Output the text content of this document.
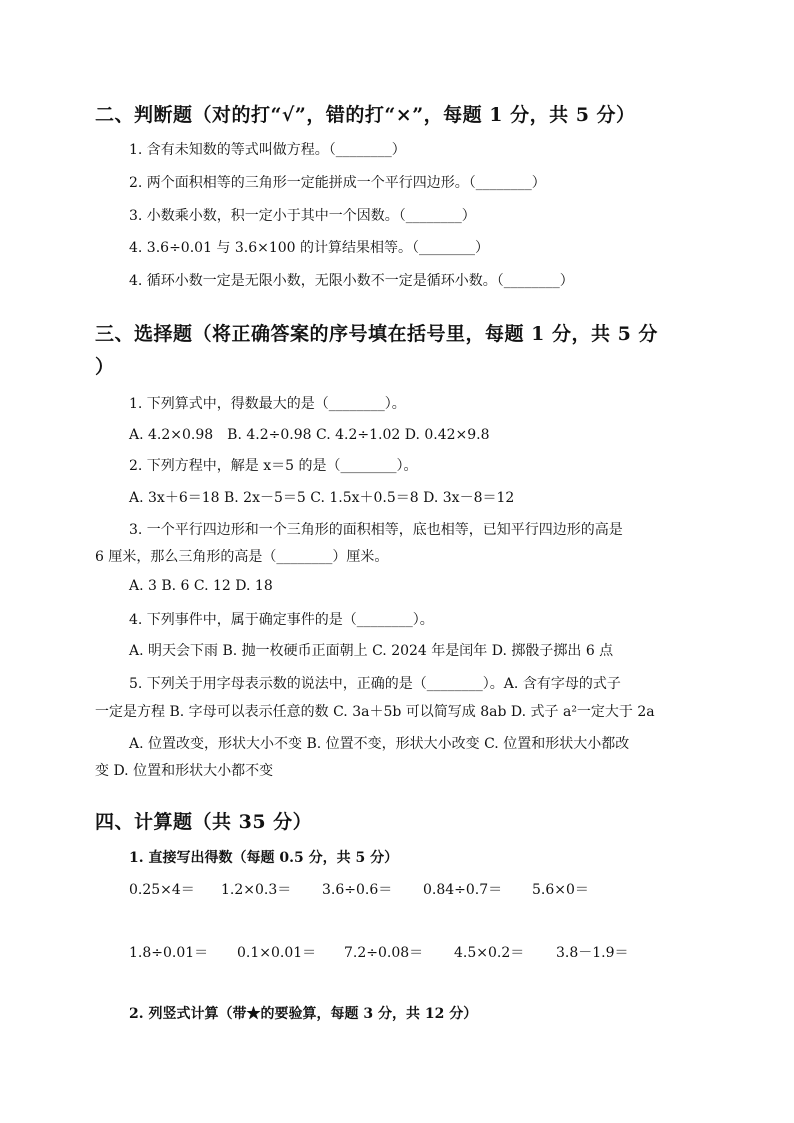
二、判断题（对的打“√”，错的打“×”，每题 1 分，共 5 分）
1. 含有未知数的等式叫做方程。（________）
2. 两个面积相等的三角形一定能拼成一个平行四边形。（________）
3. 小数乘小数，积一定小于其中一个因数。（________）
4. 3.6÷0.01 与 3.6×100 的计算结果相等。（________）
4. 循环小数一定是无限小数，无限小数不一定是循环小数。（________）
三、选择题（将正确答案的序号填在括号里，每题 1 分，共 5 分
）
1. 下列算式中，得数最大的是（________）。
A. 4.2×0.98　B. 4.2÷0.98 C. 4.2÷1.02 D. 0.42×9.8
2. 下列方程中，解是 x＝5 的是（________）。
A. 3x＋6＝18 B. 2x－5＝5 C. 1.5x＋0.5＝8 D. 3x－8＝12
3. 一个平行四边形和一个三角形的面积相等，底也相等，已知平行四边形的高是
6 厘米，那么三角形的高是（________）厘米。
A. 3 B. 6 C. 12 D. 18
4. 下列事件中，属于确定事件的是（________）。
A. 明天会下雨 B. 抛一枚硬币正面朝上 C. 2024 年是闰年 D. 掷骰子掷出 6 点
5. 下列关于用字母表示数的说法中，正确的是（________）。A. 含有字母的式子
一定是方程 B. 字母可以表示任意的数 C. 3a＋5b 可以简写成 8ab D. 式子 a²一定大于 2a
A. 位置改变，形状大小不变 B. 位置不变，形状大小改变 C. 位置和形状大小都改
变 D. 位置和形状大小都不变
四、计算题（共 35 分）
1. 直接写出得数（每题 0.5 分，共 5 分）
0.25×4＝ 1.2×0.3＝ 3.6÷0.6＝ 0.84÷0.7＝ 5.6×0＝
1.8÷0.01＝ 0.1×0.01＝ 7.2÷0.08＝ 4.5×0.2＝ 3.8－1.9＝
2. 列竖式计算（带★的要验算，每题 3 分，共 12 分）
